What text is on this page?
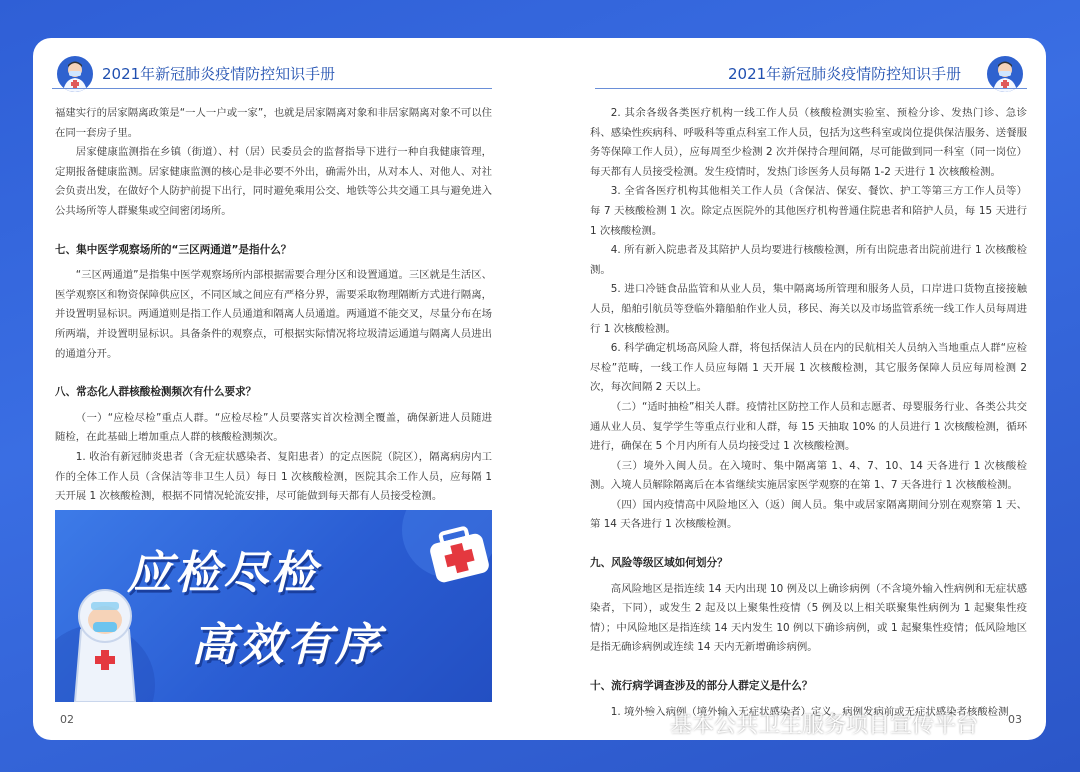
2021年新冠肺炎疫情防控知识手册	2021年新冠肺炎疫情防控知识手册

福建实行的居家隔离政策是“一人一户或一家”，也就是居家隔离对象和非居家隔离对象不可以住在同一套房子里。

居家健康监测指在乡镇（街道）、村（居）民委员会的监督指导下进行一种自我健康管理，定期报备健康监测。居家健康监测的核心是非必要不外出，确需外出，从对本人、对他人、对社会负责出发，在做好个人防护前提下出行，同时避免乘用公交、地铁等公共交通工具与避免进入公共场所等人群聚集或空间密闭场所。

七、集中医学观察场所的“三区两通道”是指什么？

“三区两通道”是指集中医学观察场所内部根据需要合理分区和设置通道。三区就是生活区、医学观察区和物资保障供应区，不同区域之间应有严格分界，需要采取物理隔断方式进行隔离，并设置明显标识。两通道则是指工作人员通道和隔离人员通道。两通道不能交叉，尽量分布在场所两端，并设置明显标识。具备条件的观察点，可根据实际情况将垃圾清运通道与隔离人员进出的通道分开。

八、常态化人群核酸检测频次有什么要求？

（一）“应检尽检”重点人群。“应检尽检”人员要落实首次检测全覆盖，确保新进人员随进随检，在此基础上增加重点人群的核酸检测频次。

1. 收治有新冠肺炎患者（含无症状感染者、复阳患者）的定点医院（院区），隔离病房内工作的全体工作人员（含保洁等非卫生人员）每日 1 次核酸检测，医院其余工作人员，应每隔 1 天开展 1 次核酸检测，根据不同情况轮流安排，尽可能做到每天都有人员接受检测。

应检尽检
高效有序

2. 其余各级各类医疗机构一线工作人员（核酸检测实验室、预检分诊、发热门诊、急诊科、感染性疾病科、呼吸科等重点科室工作人员，包括为这些科室或岗位提供保洁服务、送餐服务等保障工作人员），应每周至少检测 2 次并保持合理间隔，尽可能做到同一科室（同一岗位）每天都有人员接受检测。发生疫情时，发热门诊医务人员每隔 1-2 天进行 1 次核酸检测。

3. 全省各医疗机构其他相关工作人员（含保洁、保安、餐饮、护工等第三方工作人员等）每 7 天核酸检测 1 次。除定点医院外的其他医疗机构普通住院患者和陪护人员，每 15 天进行 1 次核酸检测。

4. 所有新入院患者及其陪护人员均要进行核酸检测，所有出院患者出院前进行 1 次核酸检测。

5. 进口冷链食品监管和从业人员，集中隔离场所管理和服务人员，口岸进口货物直接接触人员，船舶引航员等登临外籍船舶作业人员，移民、海关以及市场监管系统一线工作人员每周进行 1 次核酸检测。

6. 科学确定机场高风险人群，将包括保洁人员在内的民航相关人员纳入当地重点人群“应检尽检”范畴，一线工作人员应每隔 1 天开展 1 次核酸检测，其它服务保障人员应每周检测 2 次，每次间隔 2 天以上。

（二）“适时抽检”相关人群。疫情社区防控工作人员和志愿者、母婴服务行业、各类公共交通从业人员、复学学生等重点行业和人群，每 15 天抽取 10% 的人员进行 1 次核酸检测，循环进行，确保在 5 个月内所有人员均接受过 1 次核酸检测。

（三）境外入闽人员。在入境时、集中隔离第 1、4、7、10、14 天各进行 1 次核酸检测。入境人员解除隔离后在本省继续实施居家医学观察的在第 1、7 天各进行 1 次核酸检测。

（四）国内疫情高中风险地区入（返）闽人员。集中或居家隔离期间分别在观察第 1 天、第 14 天各进行 1 次核酸检测。

九、风险等级区域如何划分？

高风险地区是指连续 14 天内出现 10 例及以上确诊病例（不含境外输入性病例和无症状感染者，下同），或发生 2 起及以上聚集性疫情（5 例及以上相关联聚集性病例为 1 起聚集性疫情）；中风险地区是指连续 14 天内发生 10 例以下确诊病例，或 1 起聚集性疫情；低风险地区是指无确诊病例或连续 14 天内无新增确诊病例。

十、流行病学调查涉及的部分人群定义是什么？

1. 境外输入病例（境外输入无症状感染者）定义。病例发病前或无症状感染者核酸检测

02	03
基本公共卫生服务项目宣传平台
